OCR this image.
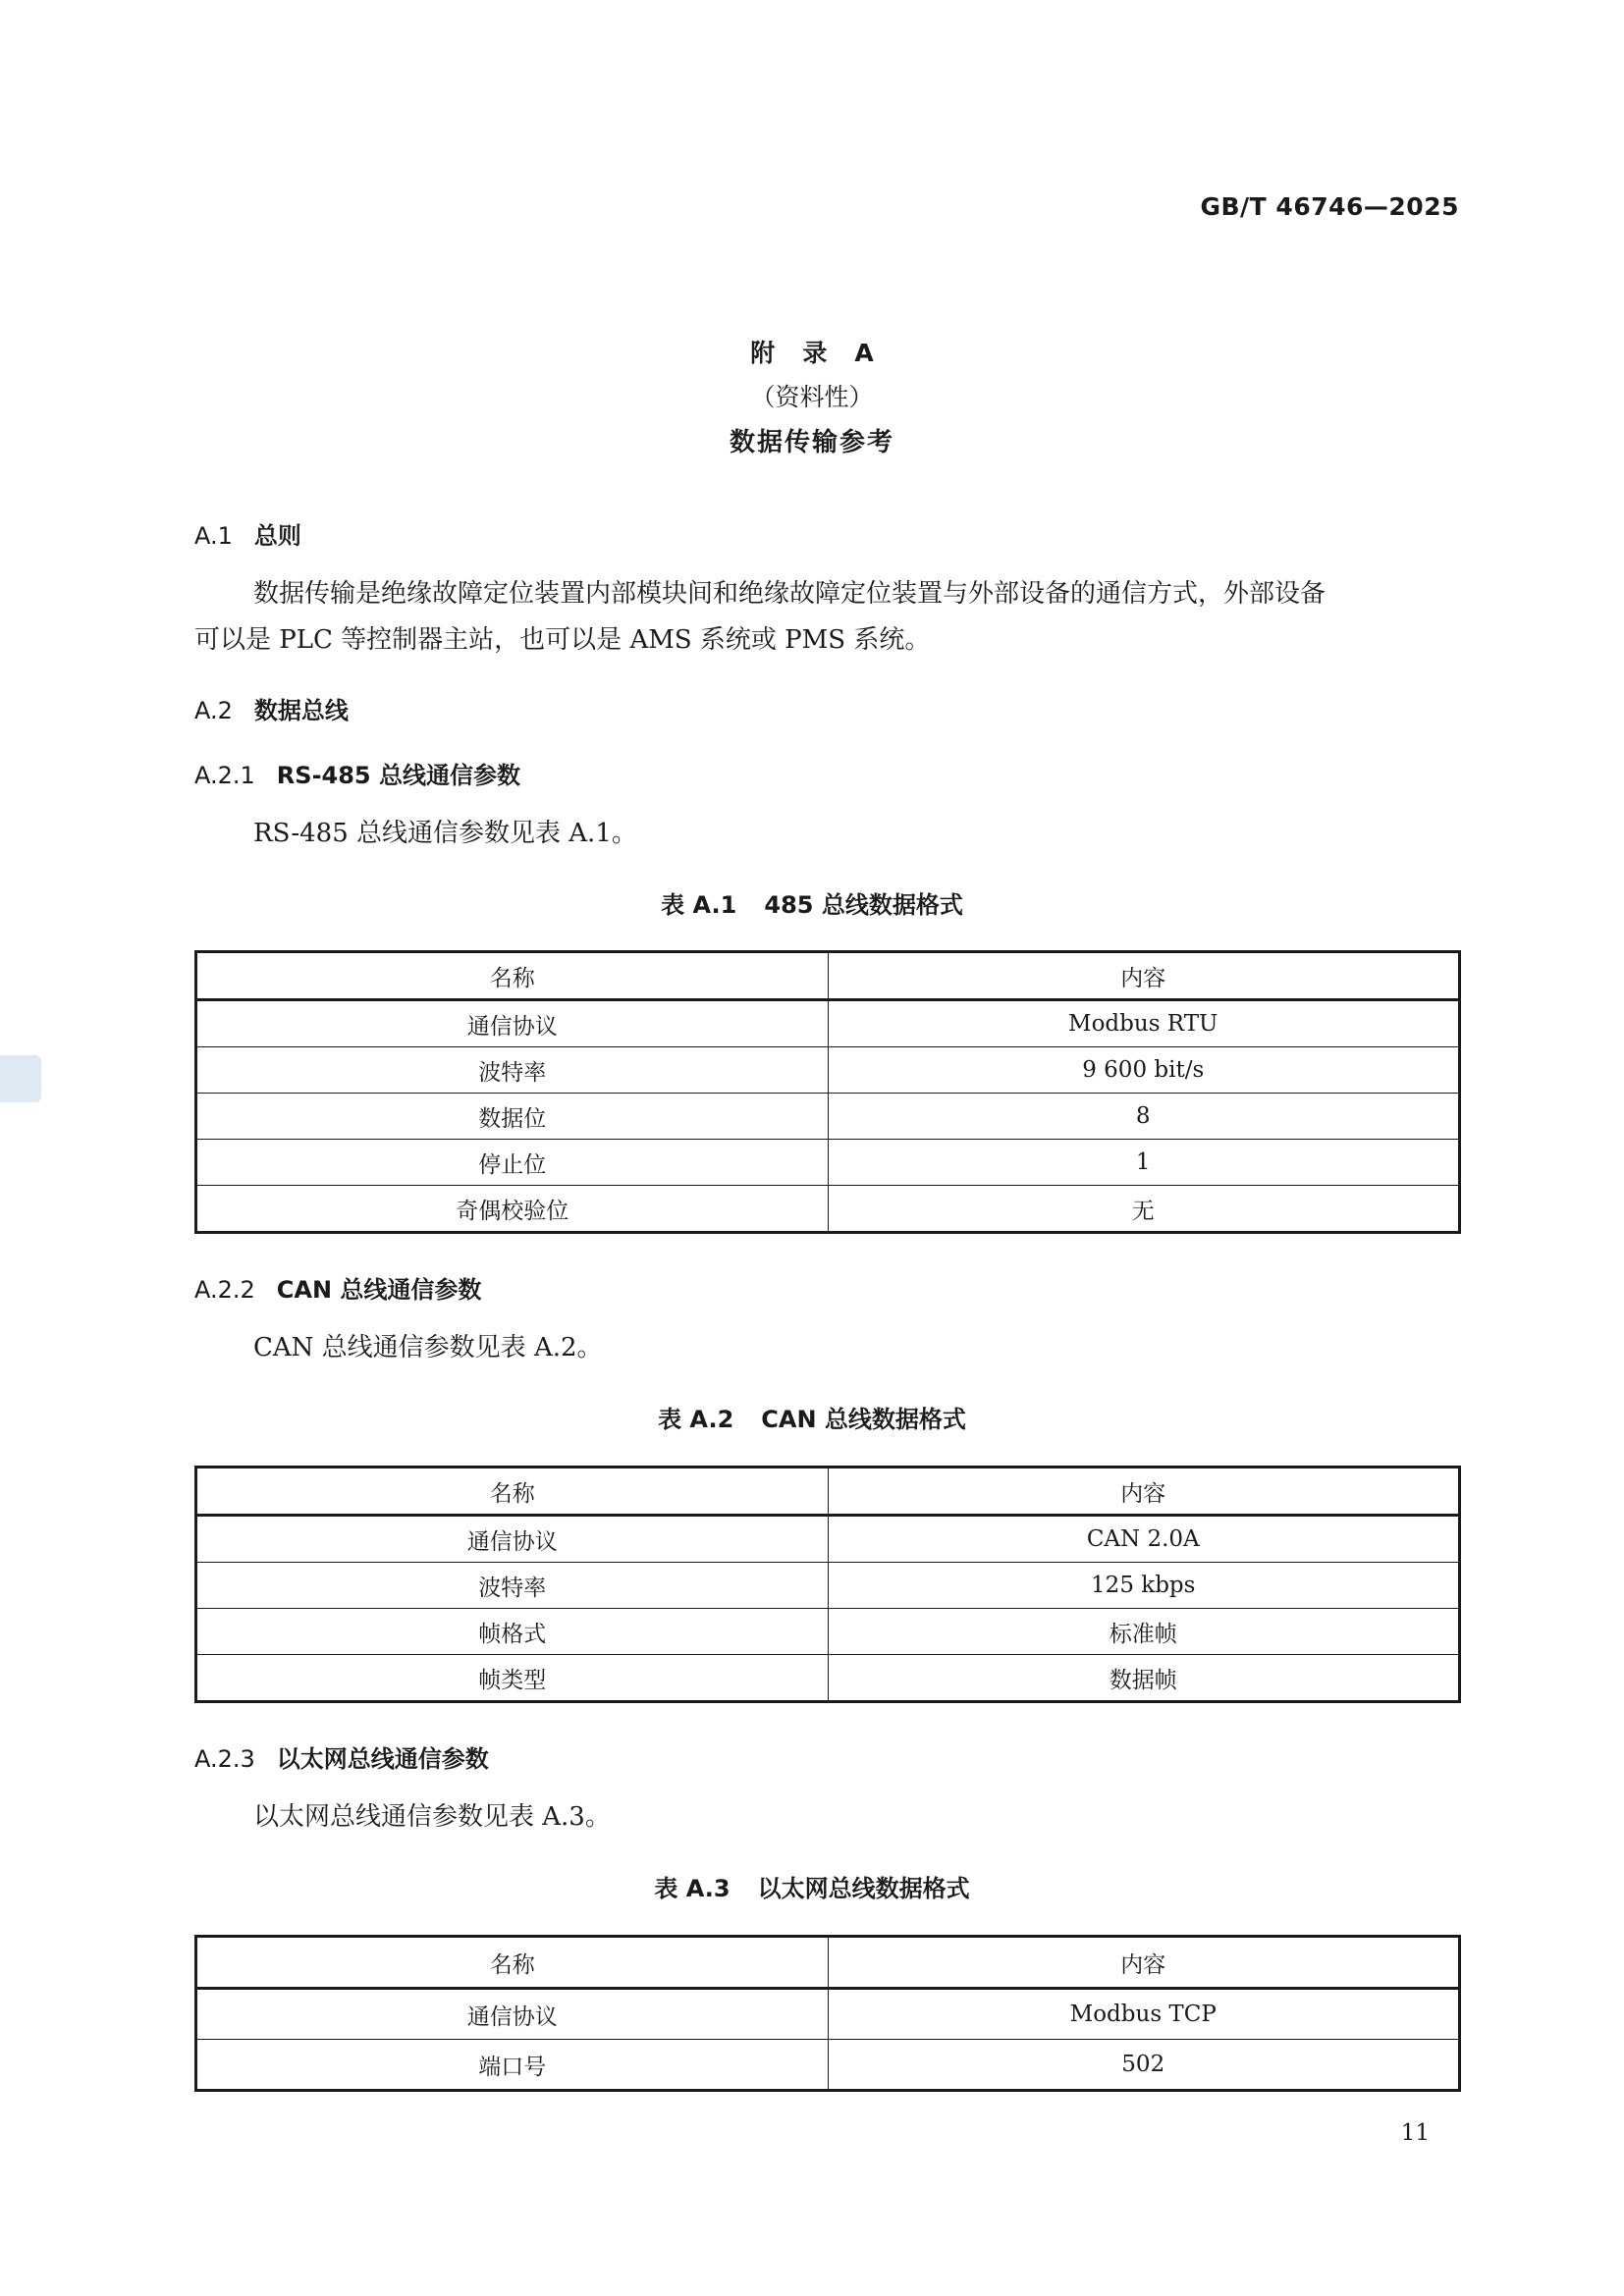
GB/T 46746—2025
附 录 A
（资料性）
数据传输参考
A.1 总则
数据传输是绝缘故障定位装置内部模块间和绝缘故障定位装置与外部设备的通信方式，外部设备
可以是 PLC 等控制器主站，也可以是 AMS 系统或 PMS 系统。
A.2 数据总线
A.2.1 RS-485 总线通信参数
RS-485 总线通信参数见表 A.1。
表 A.1 485 总线数据格式
名称	内容
通信协议	Modbus RTU
波特率	9 600 bit/s
数据位	8
停止位	1
奇偶校验位	无
A.2.2 CAN 总线通信参数
CAN 总线通信参数见表 A.2。
表 A.2 CAN 总线数据格式
名称	内容
通信协议	CAN 2.0A
波特率	125 kbps
帧格式	标准帧
帧类型	数据帧
A.2.3 以太网总线通信参数
以太网总线通信参数见表 A.3。
表 A.3 以太网总线数据格式
名称	内容
通信协议	Modbus TCP
端口号	502
11
